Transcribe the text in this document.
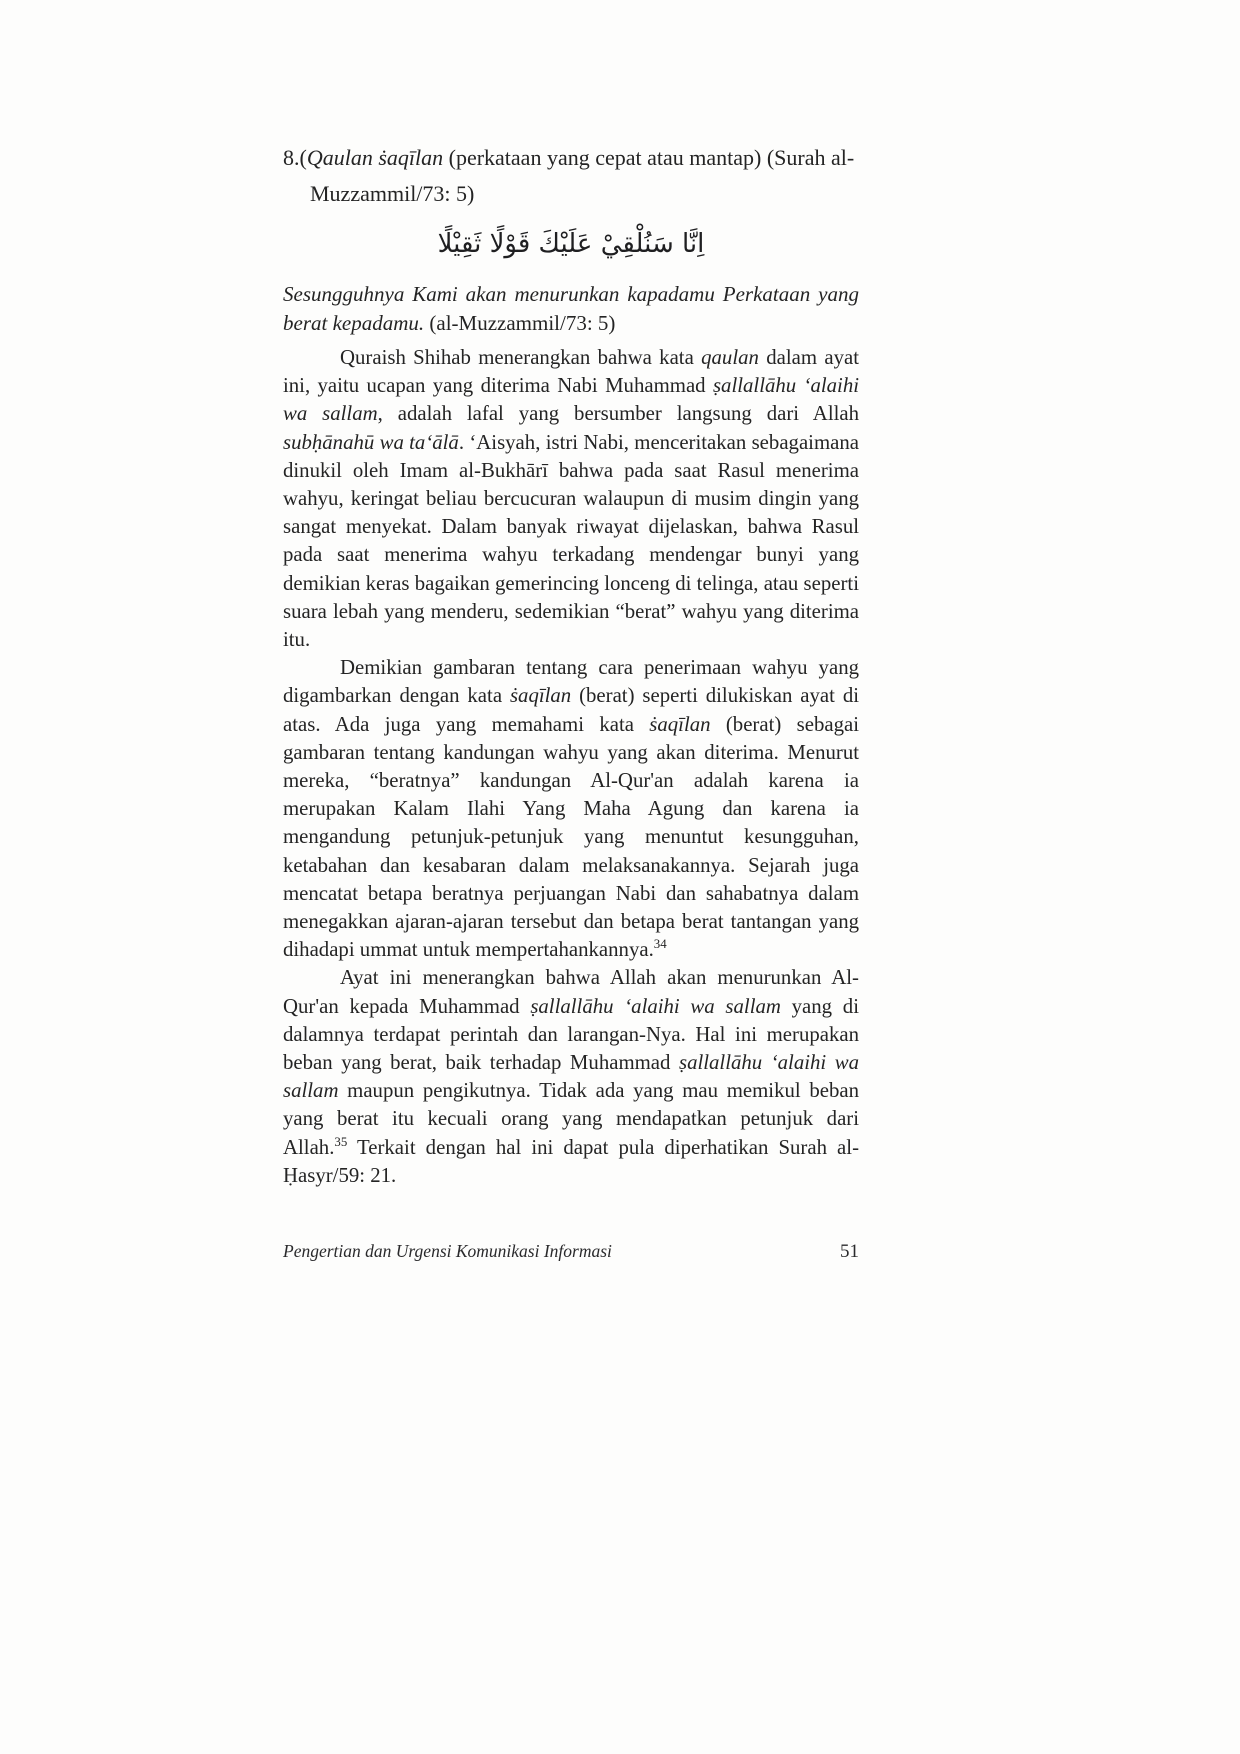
8.(Qaulan ṡaqīlan (perkataan yang cepat atau mantap) (Surah al-Muzzammil/73: 5)
اِنَّا سَنُلْقِيْ عَلَيْكَ قَوْلًا ثَقِيْلًا
Sesungguhnya Kami akan menurunkan kapadamu Perkataan yang berat kepadamu. (al-Muzzammil/73: 5)

Quraish Shihab menerangkan bahwa kata qaulan dalam ayat ini, yaitu ucapan yang diterima Nabi Muhammad ṣallallāhu ‘alaihi wa sallam, adalah lafal yang bersumber langsung dari Allah subḥānahū wa ta‘ālā. ‘Aisyah, istri Nabi, menceritakan sebagaimana dinukil oleh Imam al-Bukhārī bahwa pada saat Rasul menerima wahyu, keringat beliau bercucuran walaupun di musim dingin yang sangat menyekat. Dalam banyak riwayat dijelaskan, bahwa Rasul pada saat menerima wahyu terkadang mendengar bunyi yang demikian keras bagaikan gemerincing lonceng di telinga, atau seperti suara lebah yang menderu, sedemikian “berat” wahyu yang diterima itu.

Demikian gambaran tentang cara penerimaan wahyu yang digambarkan dengan kata ṡaqīlan (berat) seperti dilukiskan ayat di atas. Ada juga yang memahami kata ṡaqīlan (berat) sebagai gambaran tentang kandungan wahyu yang akan diterima. Menurut mereka, “beratnya” kandungan Al-Qur'an adalah karena ia merupakan Kalam Ilahi Yang Maha Agung dan karena ia mengandung petunjuk-petunjuk yang menuntut kesungguhan, ketabahan dan kesabaran dalam melaksanakannya. Sejarah juga mencatat betapa beratnya perjuangan Nabi dan sahabatnya dalam menegakkan ajaran-ajaran tersebut dan betapa berat tantangan yang dihadapi ummat untuk mempertahankannya.$^{34}$

Ayat ini menerangkan bahwa Allah akan menurunkan Al-Qur'an kepada Muhammad ṣallallāhu ‘alaihi wa sallam yang di dalamnya terdapat perintah dan larangan-Nya. Hal ini merupakan beban yang berat, baik terhadap Muhammad ṣallallāhu ‘alaihi wa sallam maupun pengikutnya. Tidak ada yang mau memikul beban yang berat itu kecuali orang yang mendapatkan petunjuk dari Allah.$^{35}$ Terkait dengan hal ini dapat pula diperhatikan Surah al-Ḥasyr/59: 21.

Pengertian dan Urgensi Komunikasi Informasi	51
